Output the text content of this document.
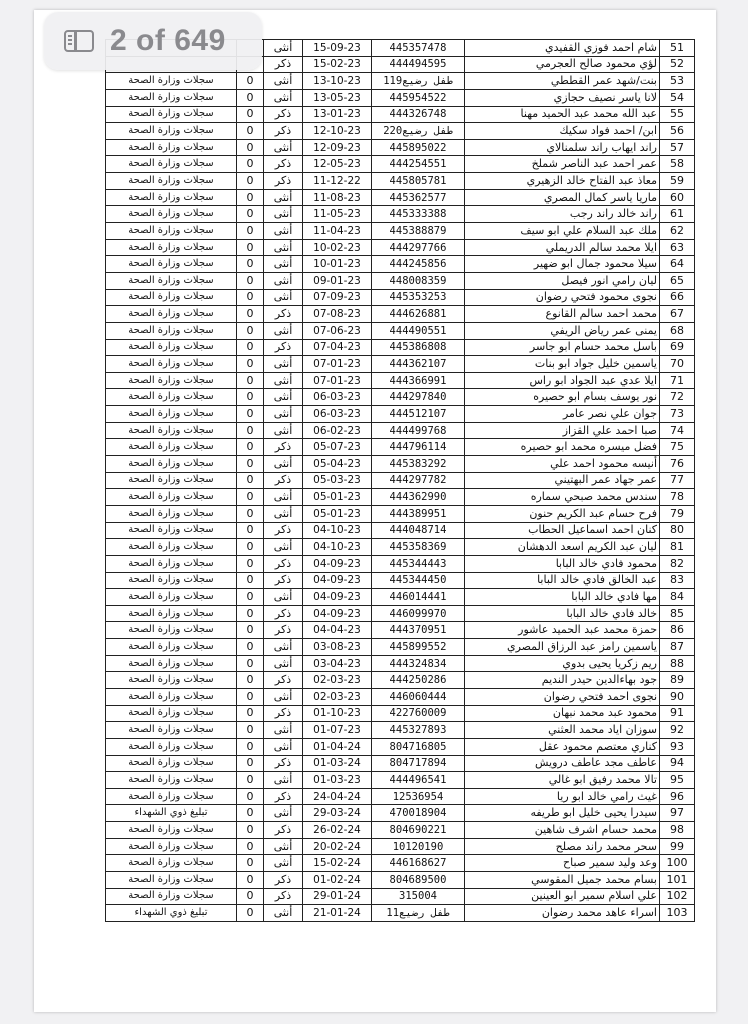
51	شام احمد فوزي القفيدي	445357478	15-09-23	أنثى		
52	لؤي محمود صالح العجرمي	444494595	15-02-23	ذكر		
53	بنت/شهد عمر القططي	طفل رضيع119	13-10-23	أنثى	0	سجلات وزارة الصحة
54	لانا ياسر نصيف حجازي	445954522	13-05-23	أنثى	0	سجلات وزارة الصحة
55	عبد الله محمد عبد الحميد مهنا	444326748	13-01-23	ذكر	0	سجلات وزارة الصحة
56	ابن/ احمد فواد سكيك	طفل رضيع220	12-10-23	ذكر	0	سجلات وزارة الصحة
57	راند ايهاب راند سلمنالاي	445895022	12-09-23	أنثى	0	سجلات وزارة الصحة
58	عمر احمد عبد الناصر شملخ	444254551	12-05-23	ذكر	0	سجلات وزارة الصحة
59	معاذ عبد الفتاح خالد الزهيري	445805781	11-12-22	ذكر	0	سجلات وزارة الصحة
60	ماريا ياسر كمال المصري	445362577	11-08-23	أنثى	0	سجلات وزارة الصحة
61	راند خالد راند رجب	445333388	11-05-23	أنثى	0	سجلات وزارة الصحة
62	ملك عبد السلام علي ابو سيف	445388879	11-04-23	أنثى	0	سجلات وزارة الصحة
63	ايلا محمد سالم الدريملي	444297766	10-02-23	أنثى	0	سجلات وزارة الصحة
64	سيلا محمود جمال ابو ضهير	444245856	10-01-23	أنثى	0	سجلات وزارة الصحة
65	ليان رامي انور فيصل	448008359	09-01-23	أنثى	0	سجلات وزارة الصحة
66	نجوى محمود فتحي رضوان	445353253	07-09-23	أنثى	0	سجلات وزارة الصحة
67	محمد احمد سالم القانوع	444626881	07-08-23	ذكر	0	سجلات وزارة الصحة
68	يمنى عمر رياض الريفي	444490551	07-06-23	أنثى	0	سجلات وزارة الصحة
69	باسل محمد حسام ابو جاسر	445386808	07-04-23	ذكر	0	سجلات وزارة الصحة
70	ياسمين خليل جواد ابو بنات	444362107	07-01-23	أنثى	0	سجلات وزارة الصحة
71	ايلا عدي عبد الجواد ابو راس	444366991	07-01-23	أنثى	0	سجلات وزارة الصحة
72	نور يوسف بسام ابو حصيره	444297840	06-03-23	أنثى	0	سجلات وزارة الصحة
73	جوان علي نصر عامر	444512107	06-03-23	أنثى	0	سجلات وزارة الصحة
74	صبا احمد علي القزاز	444499768	06-02-23	أنثى	0	سجلات وزارة الصحة
75	فضل ميسره محمد ابو حصيره	444796114	05-07-23	ذكر	0	سجلات وزارة الصحة
76	أنيسه محمود احمد علي	445383292	05-04-23	أنثى	0	سجلات وزارة الصحة
77	عمر جهاد عمر البهتيني	444297782	05-03-23	ذكر	0	سجلات وزارة الصحة
78	سندس محمد صبحي سماره	444362990	05-01-23	أنثى	0	سجلات وزارة الصحة
79	فرح حسام عبد الكريم حنون	444389951	05-01-23	أنثى	0	سجلات وزارة الصحة
80	كنان احمد اسماعيل الحطاب	444048714	04-10-23	ذكر	0	سجلات وزارة الصحة
81	ليان عبد الكريم اسعد الدهشان	445358369	04-10-23	أنثى	0	سجلات وزارة الصحة
82	محمود فادي خالد البابا	445344443	04-09-23	ذكر	0	سجلات وزارة الصحة
83	عبد الخالق فادي خالد البابا	445344450	04-09-23	ذكر	0	سجلات وزارة الصحة
84	مها فادي خالد البابا	446014441	04-09-23	أنثى	0	سجلات وزارة الصحة
85	خالد فادي خالد البابا	446099970	04-09-23	ذكر	0	سجلات وزارة الصحة
86	حمزة محمد عبد الحميد عاشور	444370951	04-04-23	ذكر	0	سجلات وزارة الصحة
87	ياسمين رامز عبد الرزاق المصري	445899552	03-08-23	أنثى	0	سجلات وزارة الصحة
88	ريم زكريا يحيى بدوي	444324834	03-04-23	أنثى	0	سجلات وزارة الصحة
89	جود بهاءالدين حيدر النديم	444250286	02-03-23	ذكر	0	سجلات وزارة الصحة
90	نجوى احمد فتحي رضوان	446060444	02-03-23	أنثى	0	سجلات وزارة الصحة
91	محمود عبد محمد نبهان	422760009	01-10-23	ذكر	0	سجلات وزارة الصحة
92	سوزان اياد محمد العثني	445327893	01-07-23	أنثى	0	سجلات وزارة الصحة
93	كناري معتصم محمود عقل	804716805	01-04-24	أنثى	0	سجلات وزارة الصحة
94	عاطف مجد عاطف درويش	804717894	01-03-24	ذكر	0	سجلات وزارة الصحة
95	تالا محمد رفيق ابو غالي	444496541	01-03-23	أنثى	0	سجلات وزارة الصحة
96	غيث رامي خالد ابو ريا	12536954	24-04-24	ذكر	0	سجلات وزارة الصحة
97	سيدرا يحيى خليل ابو طريفه	470018904	29-03-24	أنثى	0	تبليغ ذوي الشهداء
98	محمد حسام اشرف شاهين	804690221	26-02-24	ذكر	0	سجلات وزارة الصحة
99	سحر محمد راند مصلح	10120190	20-02-24	أنثى	0	سجلات وزارة الصحة
100	وعد وليد سمير صباح	446168627	15-02-24	أنثى	0	سجلات وزارة الصحة
101	بسام محمد جميل المقوسي	804689500	01-02-24	ذكر	0	سجلات وزارة الصحة
102	علي اسلام سمير ابو العينين	315004	29-01-24	ذكر	0	سجلات وزارة الصحة
103	اسراء عاهد محمد رضوان	طفل رضيع11	21-01-24	أنثى	0	تبليغ ذوي الشهداء
2 of 649
